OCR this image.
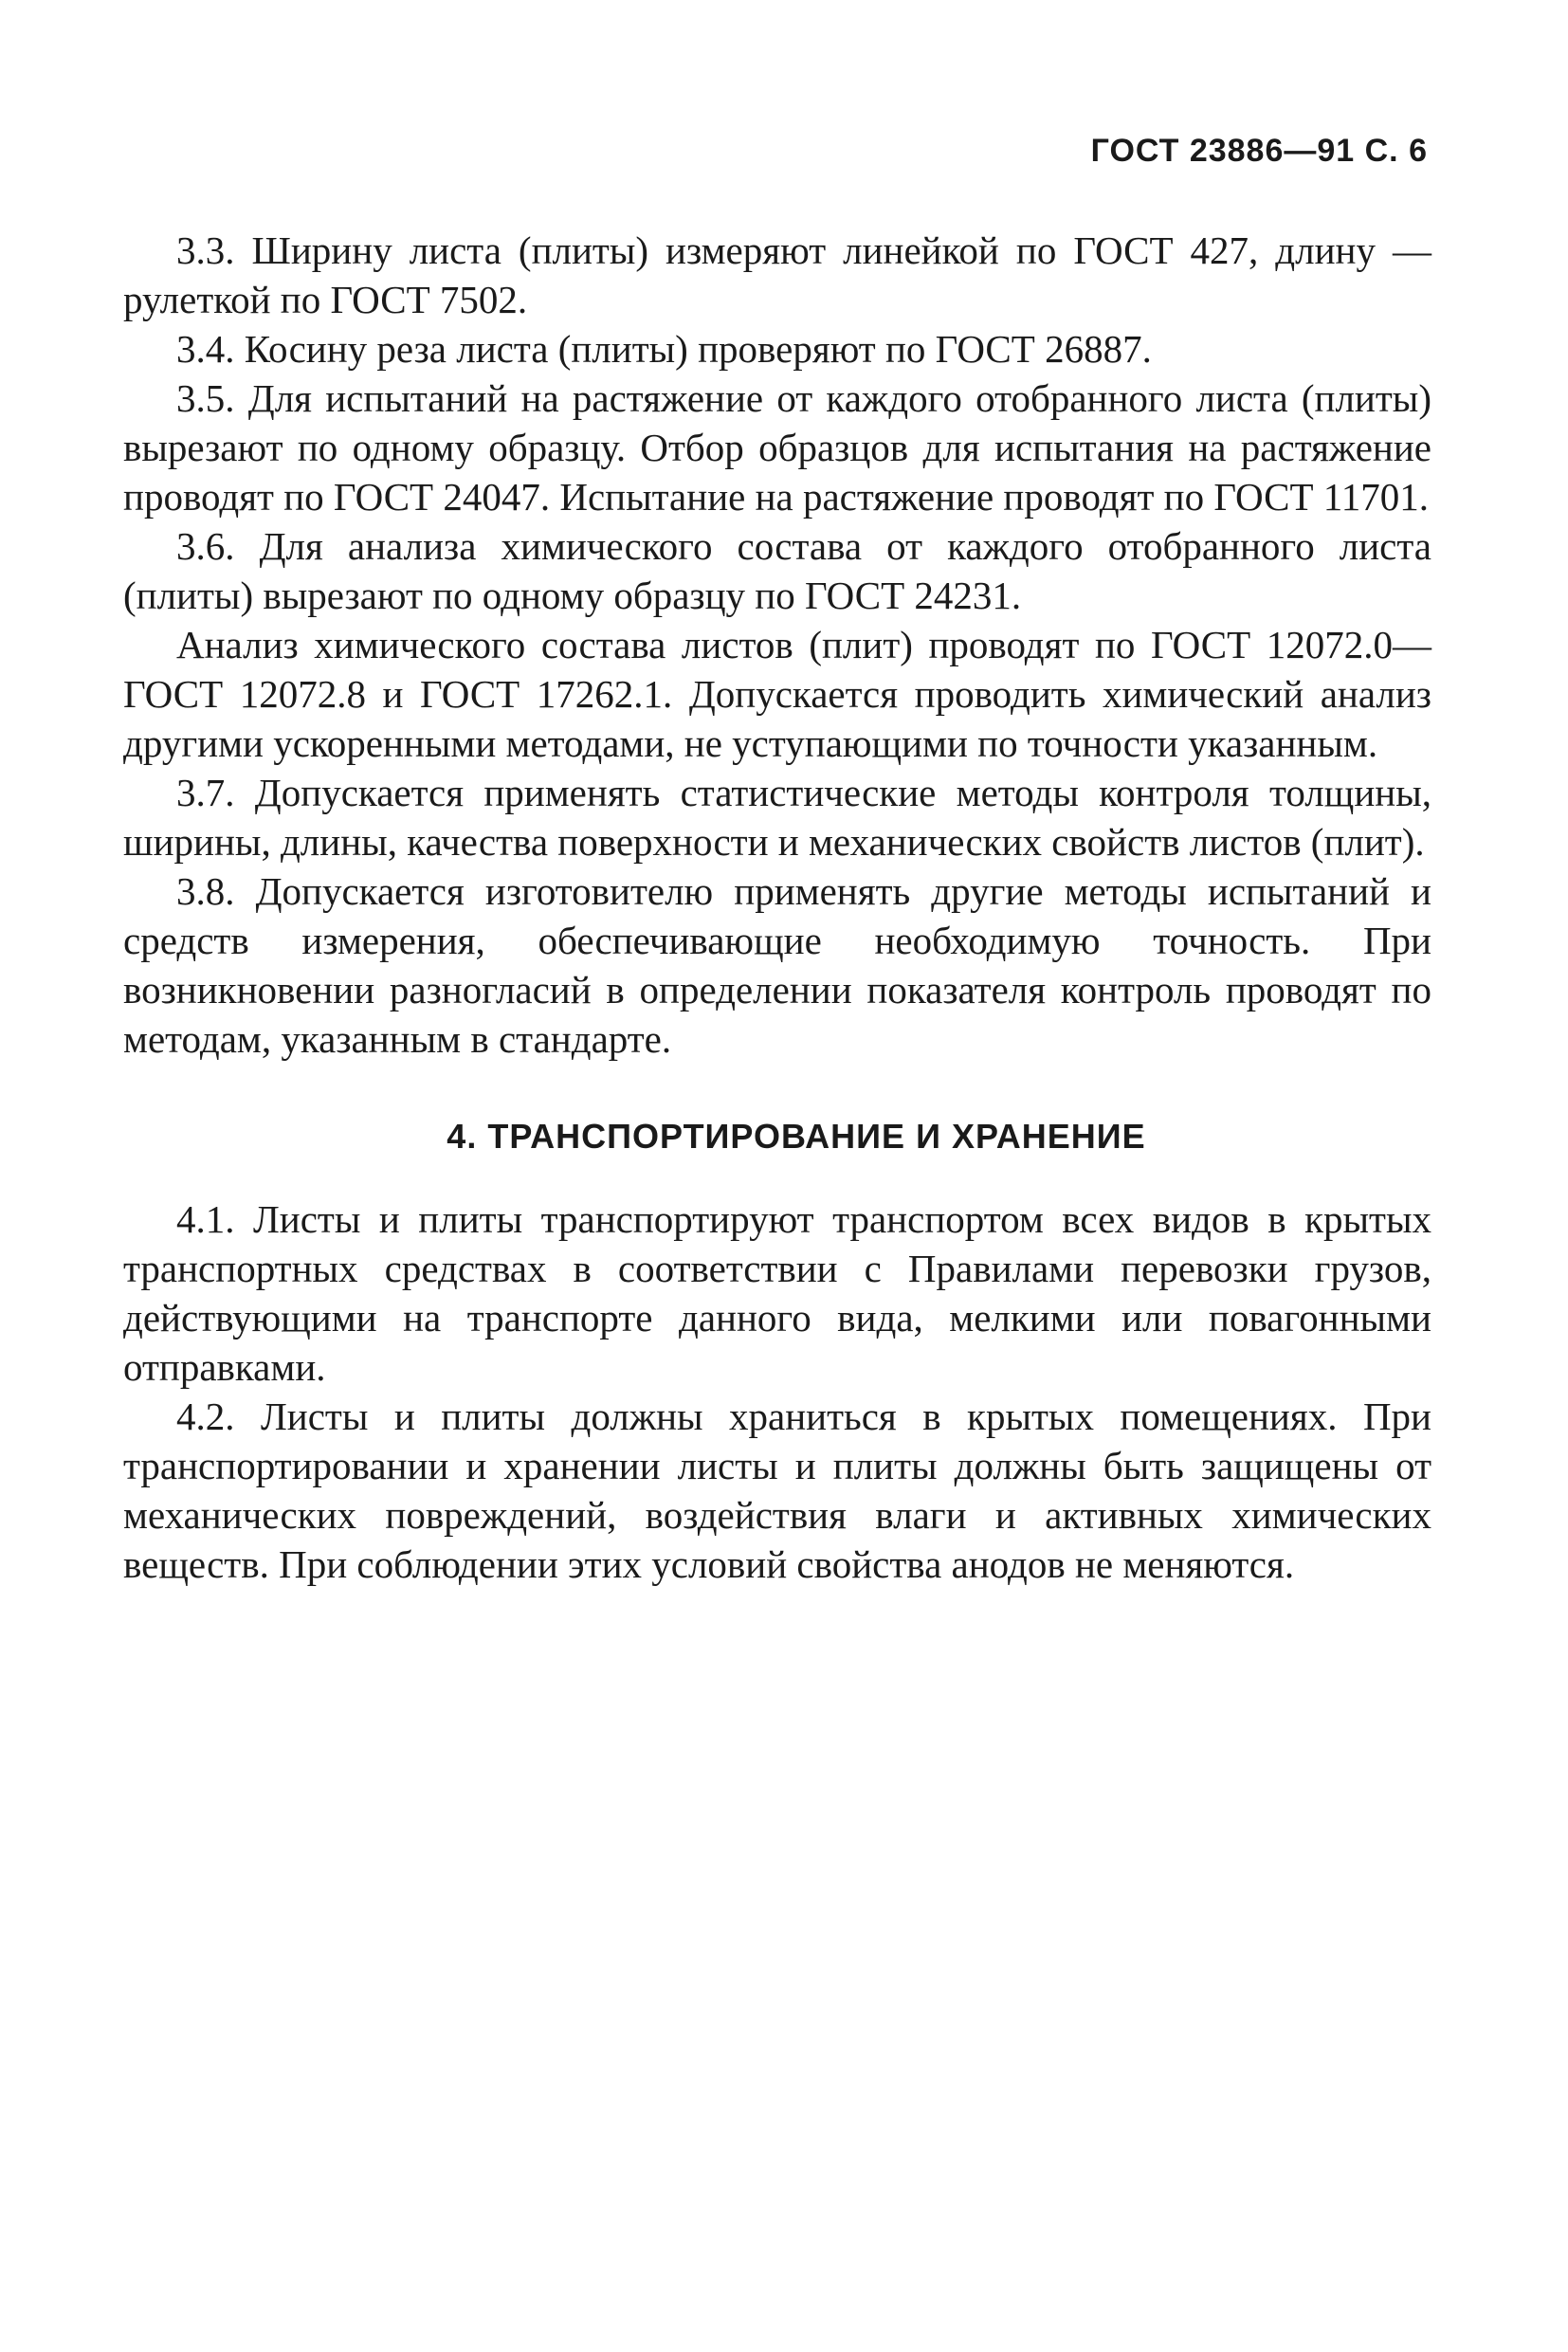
ГОСТ 23886—91 С. 6

3.3. Ширину листа (плиты) измеряют линейкой по ГОСТ 427, длину — рулеткой по ГОСТ 7502.

3.4. Косину реза листа (плиты) проверяют по ГОСТ 26887.

3.5. Для испытаний на растяжение от каждого отобранного листа (плиты) вырезают по одному образцу. Отбор образцов для испытания на растяжение проводят по ГОСТ 24047. Испытание на растяжение проводят по ГОСТ 11701.

3.6. Для анализа химического состава от каждого отобранного листа (плиты) вырезают по одному образцу по ГОСТ 24231.

Анализ химического состава листов (плит) проводят по ГОСТ 12072.0—ГОСТ 12072.8 и ГОСТ 17262.1. Допускается проводить химический анализ другими ускоренными методами, не уступающими по точности указанным.

3.7. Допускается применять статистические методы контроля толщины, ширины, длины, качества поверхности и механических свойств листов (плит).

3.8. Допускается изготовителю применять другие методы испытаний и средств измерения, обеспечивающие необходимую точность. При возникновении разногласий в определении показателя контроль проводят по методам, указанным в стандарте.

4. ТРАНСПОРТИРОВАНИЕ И ХРАНЕНИЕ

4.1. Листы и плиты транспортируют транспортом всех видов в крытых транспортных средствах в соответствии с Правилами перевозки грузов, действующими на транспорте данного вида, мелкими или повагонными отправками.

4.2. Листы и плиты должны храниться в крытых помещениях. При транспортировании и хранении листы и плиты должны быть защищены от механических повреждений, воздействия влаги и активных химических веществ. При соблюдении этих условий свойства анодов не меняются.
